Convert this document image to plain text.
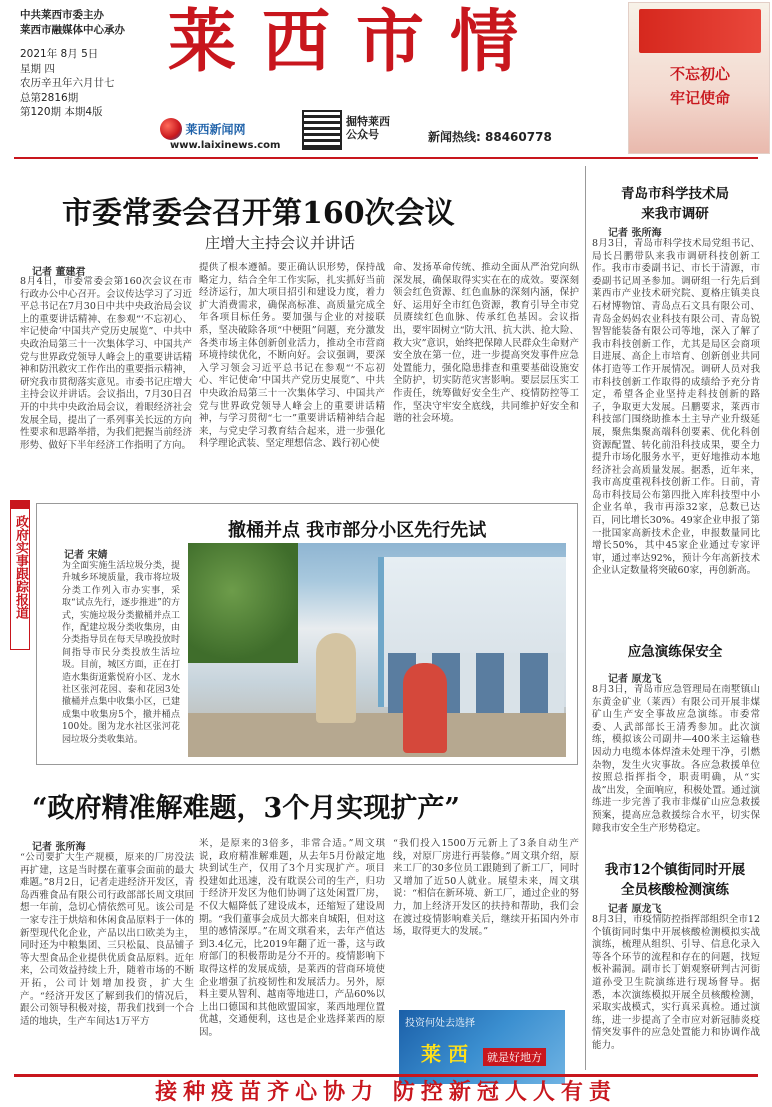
中共莱西市委主办
莱西市融媒体中心承办
2021年 8月 5日
星期 四
农历辛丑年六月廿七
总第2816期
第120期 本期4版
莱西市情
莱西新闻网
www.laixinews.com
掘特莱西
公众号	新闻热线: 88460778
不忘初心
牢记使命
市委常委会召开第160次会议
庄增大主持会议并讲话
记者 董建君
8月4日，市委常委会第160次会议在市行政办公中心召开。会议传达学习了习近平总书记在7月30日中共中央政治局会议上的重要讲话精神、在参观“‘不忘初心、牢记使命’中国共产党历史展览”、中共中央政治局第三十一次集体学习、中国共产党与世界政党领导人峰会上的重要讲话精神和防汛救灾工作作出的重要指示精神，研究我市贯彻落实意见。市委书记庄增大主持会议并讲话。会议指出，7月30日召开的中共中央政治局会议，着眼经济社会发展全局，提出了一系列事关长远的方向性要求和思路举措，为我们把握当前经济形势、做好下半年经济工作指明了方向。
提供了根本遵循。要正确认识形势，保持战略定力，结合全年工作实际，扎实抓好当前经济运行，加大项目招引和建设力度，着力扩大消费需求，确保高标准、高质量完成全年各项目标任务。要加强与企业的对接联系，坚决破除各项“中梗阻”问题，充分激发各类市场主体创新创业活力，推动全市营商环境持续优化，不断向好。会议强调，要深入学习领会习近平总书记在参观“‘不忘初心、牢记使命’中国共产党历史展览”、中共中央政治局第三十一次集体学习、中国共产党与世界政党领导人峰会上的重要讲话精神，与学习贯彻“七一”重要讲话精神结合起来，与党史学习教育结合起来，进一步强化科学理论武装、坚定理想信念、践行初心使
命、发扬革命传统、推动全面从严治党向纵深发展，确保取得实实在在的成效。要深刻领会红色资源、红色血脉的深刻内涵，保护好、运用好全市红色资源，教育引导全市党员赓续红色血脉、传承红色基因。会议指出，要牢固树立“防大汛、抗大洪、抢大险、救大灾”意识，始终把保障人民群众生命财产安全放在第一位，进一步提高突发事件应急处置能力，强化隐患排查和重要基础设施安全防护，切实防范灾害影响。要层层压实工作责任，统筹做好安全生产、疫情防控等工作，坚决守牢安全底线，共同维护好安全和谐的社会环境。
政府实事跟踪报道	撤桶并点 我市部分小区先行先试
记者 宋婧
为全面实施生活垃圾分类，提升城乡环境质量，我市将垃圾分类工作列入市办实事，采取“试点先行，逐步推进”的方式，实施垃圾分类撤桶并点工作，配建垃圾分类收集房，由分类指导员在每天早晚投放时间指导市民分类投放生活垃圾。目前，城区方面，正在打造水集街道紫悦府小区、龙水社区张河花园、泰和花园3处撤桶并点集中收集小区，已建成集中收集房5个，撤并桶点100处。图为龙水社区张河花园垃圾分类收集站。
“政府精准解难题，3个月实现扩产”
记者 张所海
“公司要扩大生产规模，原来的厂房没法再扩建，这是当时摆在董事会面前的最大难题。”8月2日，记者走进经济开发区，青岛西雅食品有限公司行政部部长周文琪回想一年前，急切心情依然可见。该公司是一家专注于烘焙和休闲食品原料于一体的新型现代化企业，产品以出口欧美为主，同时还为中粮集团、三只松鼠、良品铺子等大型食品企业提供优质食品原料。近年来，公司效益持续上升，随着市场的不断开拓，公司计划增加投资，扩大生产。“经济开发区了解到我们的情况后，跟公司领导积极对接，帮我们找到一个合适的地块，生产车间达1万平方
米，是原来的3倍多，非常合适。”周文琪说，政府精准解难题，从去年5月份敲定地块到试生产，仅用了3个月实现扩产。项目投建如此迅速，没有耽误公司的生产，归功于经济开发区为他们协调了这处闲置厂房，不仅大幅降低了建设成本，还缩短了建设周期。“我们董事会成员大都来自城阳，但对这里的感情深厚。”在周文琪看来，去年产值达到3.4亿元，比2019年翻了近一番，这与政府部门的积极帮助是分不开的。疫情影响下取得这样的发展成绩，是莱西的营商环境使企业增强了抗疫韧性和发展活力。另外，原料主要从智利、越南等地进口，产品60%以上出口德国和其他欧盟国家，莱西地理位置优越，交通便利，这也是企业选择莱西的原因。
“我们投入1500万元新上了3条自动生产线，对原厂房进行再装修。”周文琪介绍，原来工厂的30多位员工跟随到了新工厂，同时又增加了近50人就业。展望未来，周文琪说：“相信在新环境、新工厂，通过企业的努力，加上经济开发区的扶持和帮助，我们会在渡过疫情影响难关后，继续开拓国内外市场，取得更大的发展。”
投资何处去选择
莱 西	就是好地方
青岛市科学技术局
来我市调研
记者 张所海
8月3日，青岛市科学技术局党组书记、局长吕鹏带队来我市调研科技创新工作。我市市委副书记、市长于清源，市委副书记周圣参加。调研组一行先后到莱西市产业技术研究院、夏格庄镇美良石材博物馆、青岛点石文具有限公司、青岛金妈妈农业科技有限公司、青岛锐智智能装备有限公司等地，深入了解了我市科技创新工作，尤其是局区会商项目进展、高企上市培育、创新创业共同体打造等工作开展情况。调研人员对我市科技创新工作取得的成绩给予充分肯定，希望各企业坚持走科技创新的路子，争取更大发展。吕鹏要求，莱西市科技部门围绕助推本土主导产业升级延展，聚焦集聚高端科创要素、优化科创资源配置、转化前沿科技成果，要全力提升市场化服务水平，更好地推动本地经济社会高质量发展。据悉，近年来，我市高度重视科技创新工作。日前，青岛市科技局公布第四批入库科技型中小企业名单，我市再添32家，总数已达百，同比增长30%。49家企业申报了第一批国家高新技术企业，申报数量同比增长50%，其中45家企业通过专家评审，通过率达92%，预计今年高新技术企业认定数量将突破60家，再创新高。
应急演练保安全
记者 原龙飞
8月3日，青岛市应急管理局在南墅镇山东黄金矿业（莱西）有限公司开展非煤矿山生产安全事故应急演练。市委常委、人武部部长王清秀参加。此次演练，模拟该公司副井—400米主运输巷因动力电缆本体焊渣未处理干净，引燃杂物，发生火灾事故。各应急救援单位按照总指挥指令，职责明确，从“实战”出发，全面响应，积极处置。通过演练进一步完善了我市非煤矿山应急救援预案，提高应急救援综合水平，切实保障我市安全生产形势稳定。
我市12个镇街同时开展
全员核酸检测演练
记者 原龙飞
8月3日，市疫情防控指挥部组织全市12个镇街同时集中开展核酸检测模拟实战演练，梳理从组织、引导、信息化录入等各个环节的流程和存在的问题，找短板补漏洞。副市长丁娟观察研判古河街道孙受卫生院演练进行现场督导。据悉，本次演练模拟开展全员核酸检测，采取实战模式，实行真采真检。通过演练，进一步提高了全市应对新冠肺炎疫情突发事件的应急处置能力和协调作战能力。
接种疫苗齐心协力 防控新冠人人有责
